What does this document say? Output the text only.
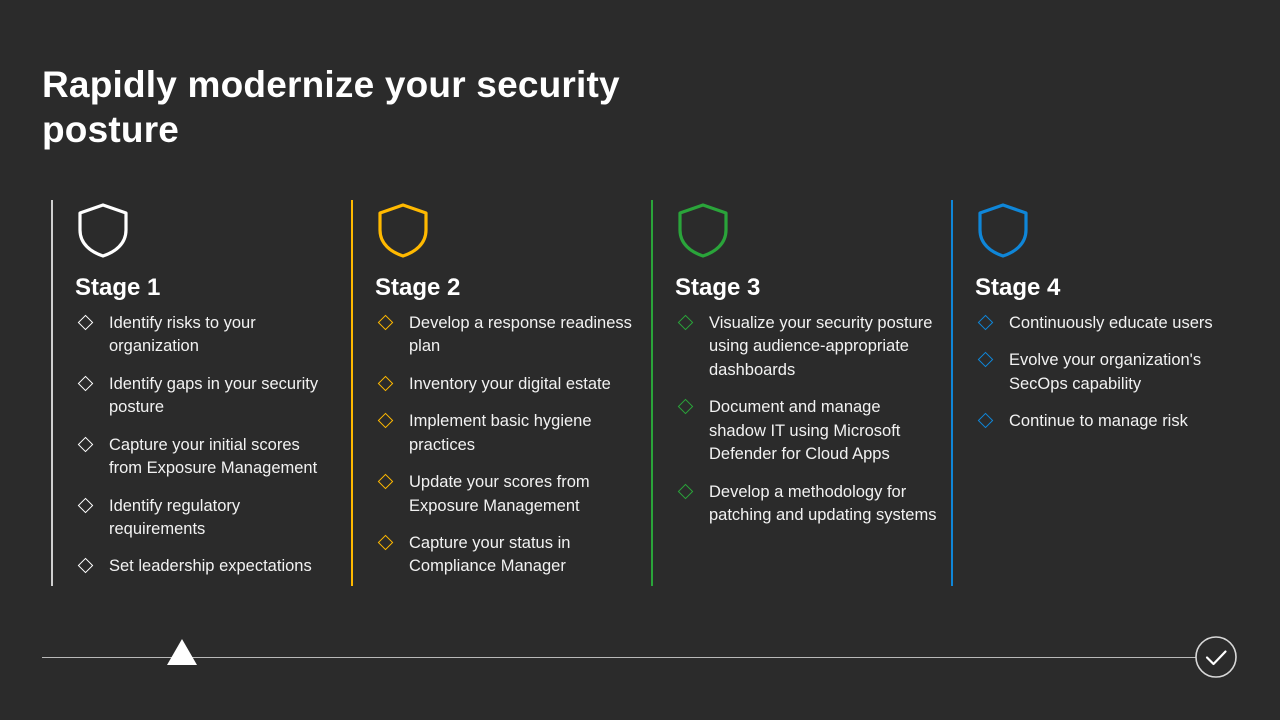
Rapidly modernize your security posture
Stage 1
Identify risks to your organization
Identify gaps in your security posture
Capture your initial scores from Exposure Management
Identify regulatory requirements
Set leadership expectations
Stage 2
Develop a response readiness plan
Inventory your digital estate
Implement basic hygiene practices
Update your scores from Exposure Management
Capture your status in Compliance Manager
Stage 3
Visualize your security posture using audience-appropriate dashboards
Document and manage shadow IT using Microsoft Defender for Cloud Apps
Develop a methodology for patching and updating systems
Stage 4
Continuously educate users
Evolve your organization's SecOps capability
Continue to manage risk
